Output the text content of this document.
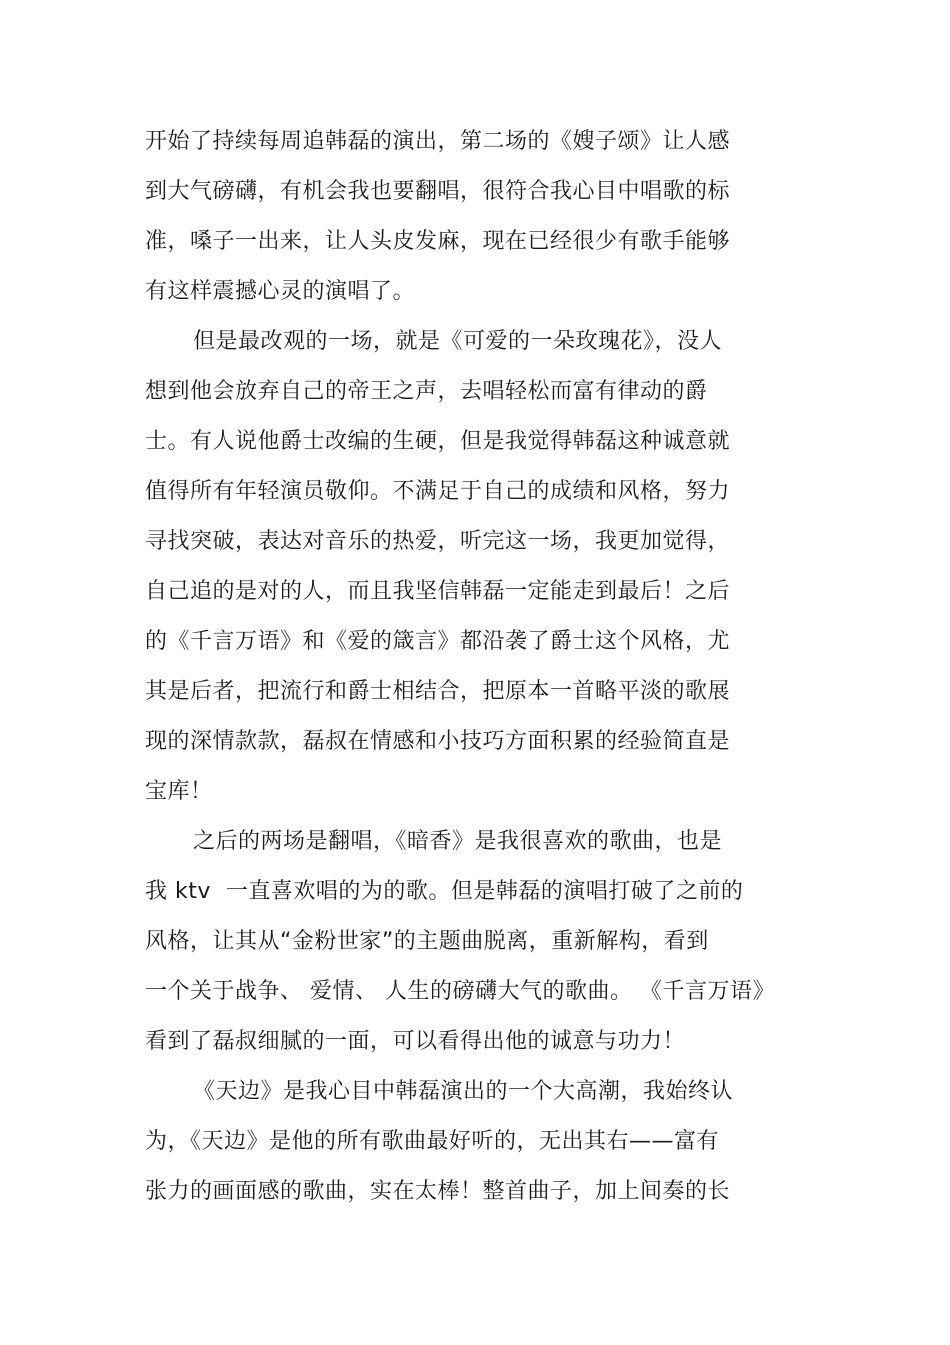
开始了持续每周追韩磊的演出，第二场的《嫂子颂》让人感
到大气磅礴，有机会我也要翻唱，很符合我心目中唱歌的标
准，嗓子一出来，让人头皮发麻，现在已经很少有歌手能够
有这样震撼心灵的演唱了。
但是最改观的一场，就是《可爱的一朵玫瑰花》，没人
想到他会放弃自己的帝王之声，去唱轻松而富有律动的爵
士。有人说他爵士改编的生硬，但是我觉得韩磊这种诚意就
值得所有年轻演员敬仰。不满足于自己的成绩和风格，努力
寻找突破，表达对音乐的热爱，听完这一场，我更加觉得，
自己追的是对的人，而且我坚信韩磊一定能走到最后！之后
的《千言万语》和《爱的箴言》都沿袭了爵士这个风格，尤
其是后者，把流行和爵士相结合，把原本一首略平淡的歌展
现的深情款款，磊叔在情感和小技巧方面积累的经验简直是
宝库！
之后的两场是翻唱，《暗香》是我很喜欢的歌曲，也是
我 ktv  一直喜欢唱的为的歌。但是韩磊的演唱打破了之前的
风格，让其从“金粉世家”的主题曲脱离，重新解构，看到
一个关于战争、 爱情、 人生的磅礴大气的歌曲。 《千言万语》
看到了磊叔细腻的一面，可以看得出他的诚意与功力！
《天边》是我心目中韩磊演出的一个大高潮，我始终认
为，《天边》是他的所有歌曲最好听的，无出其右——富有
张力的画面感的歌曲，实在太棒！整首曲子，加上间奏的长
